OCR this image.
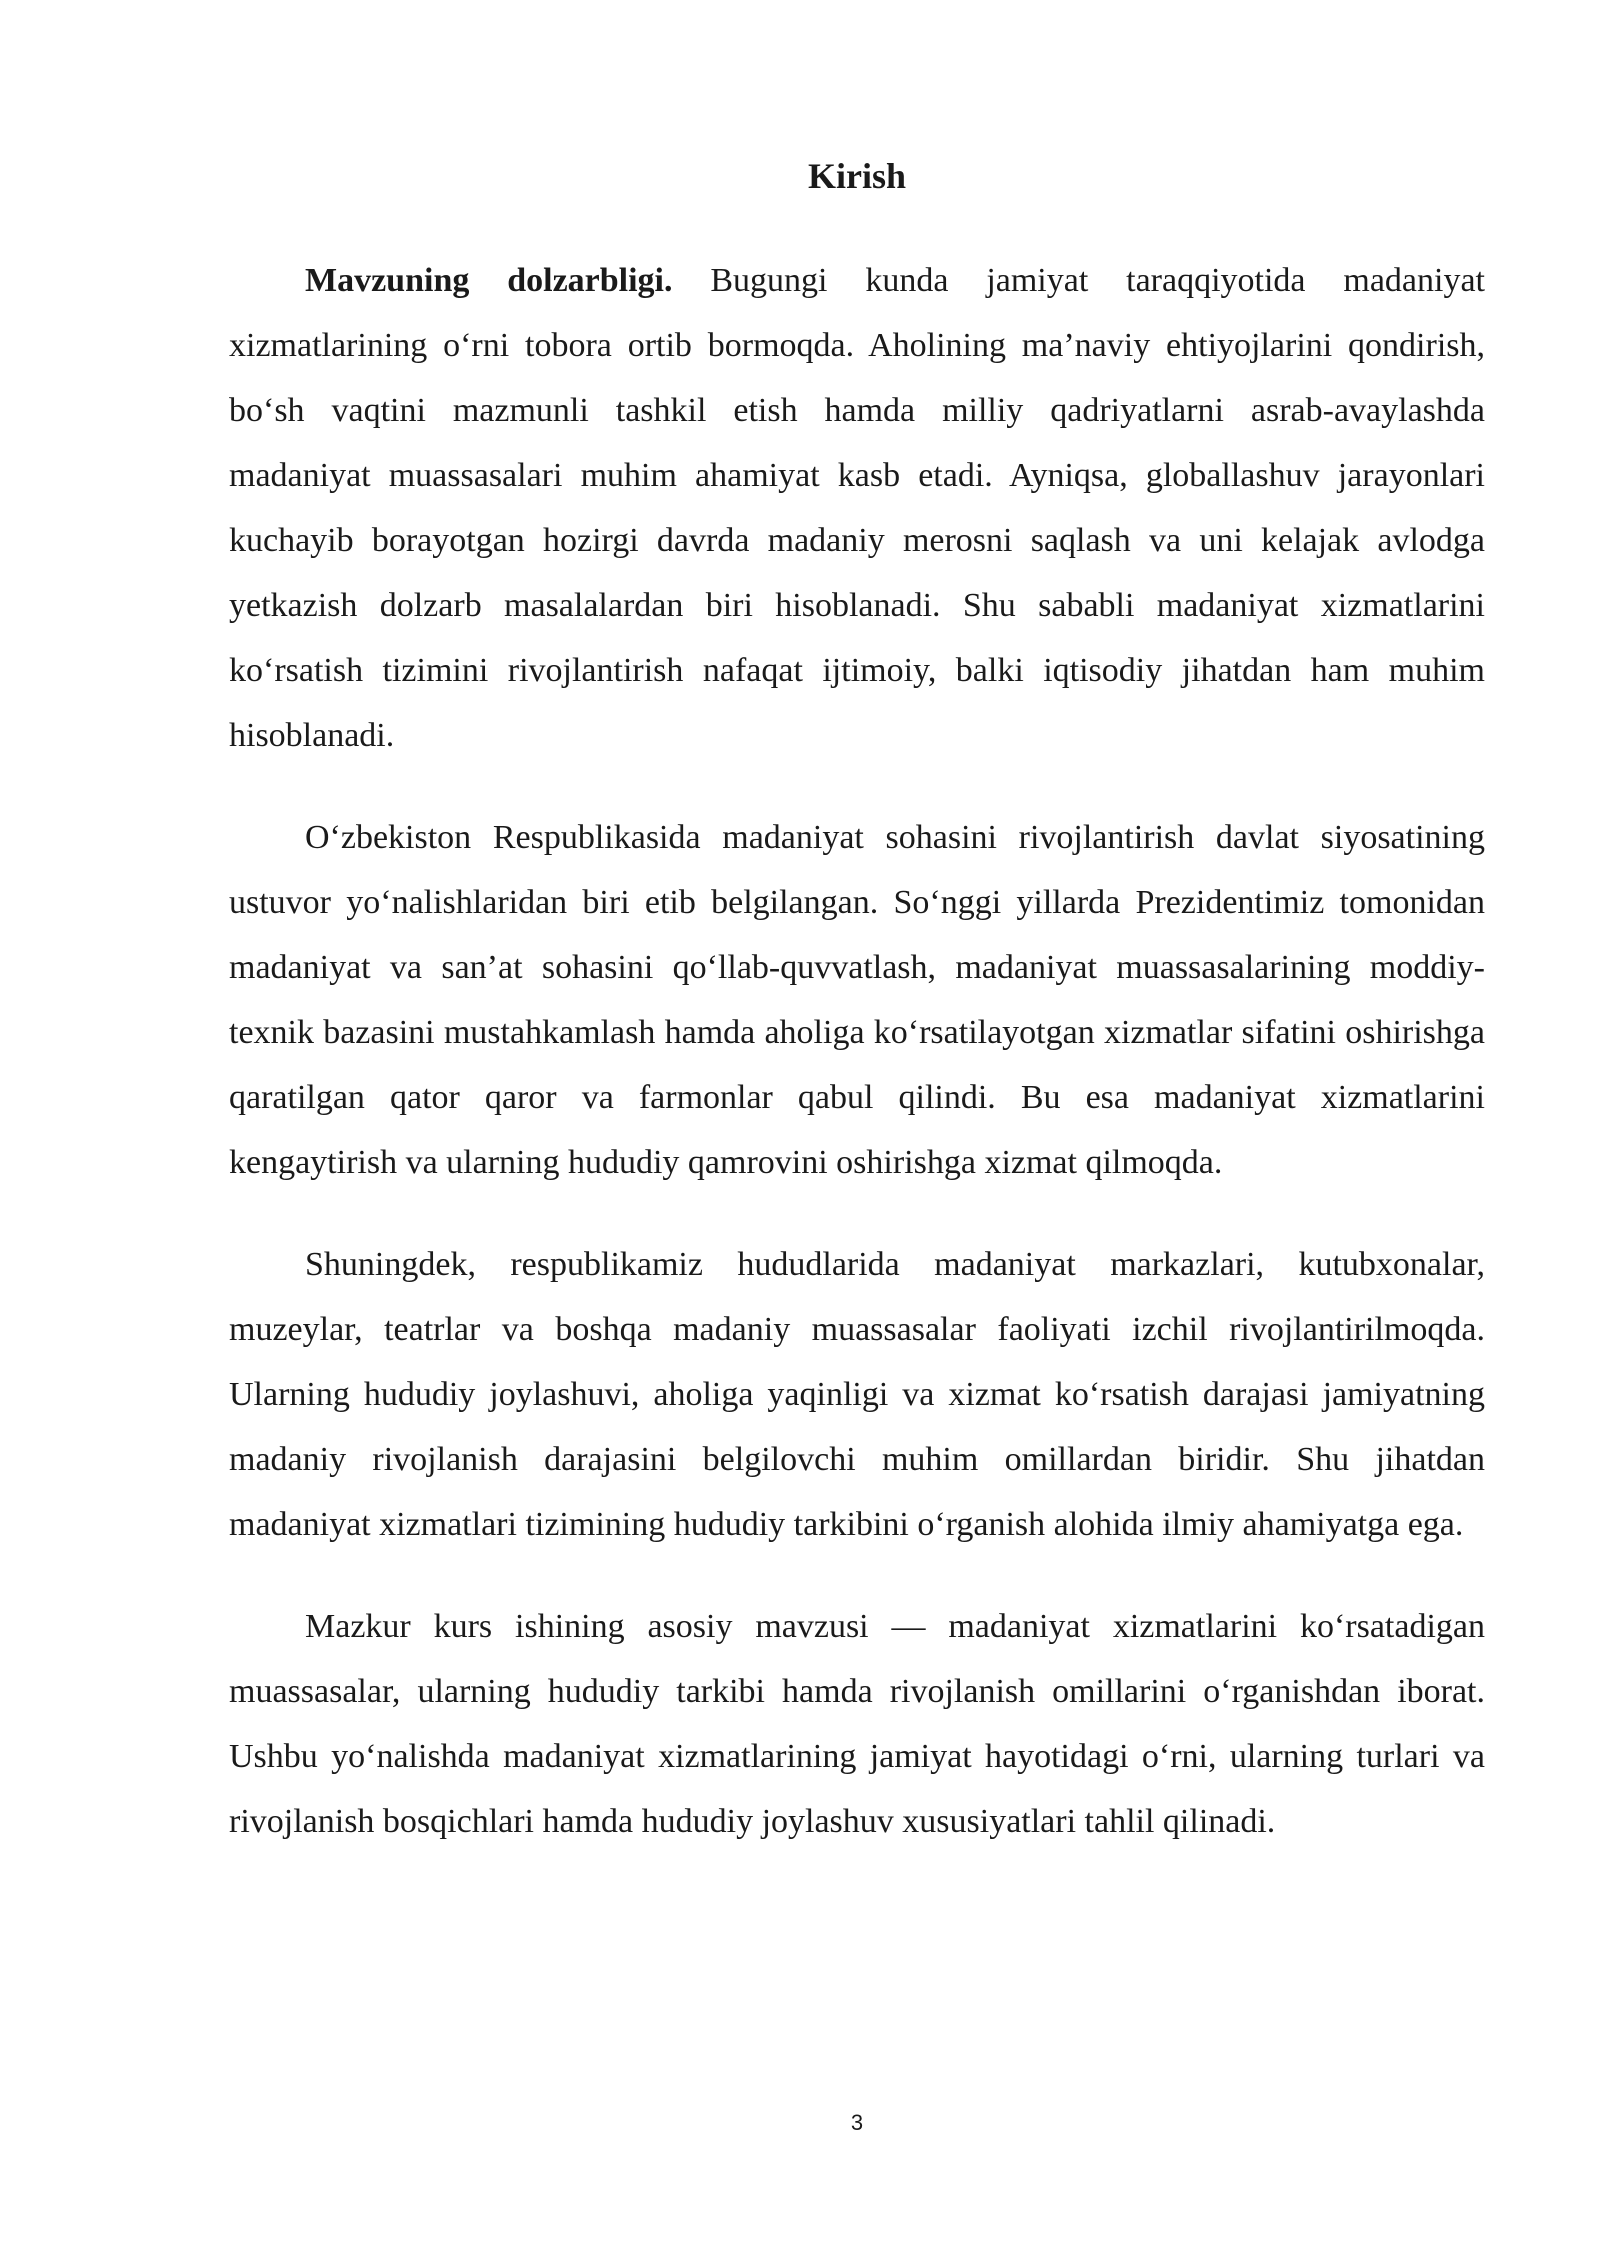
Kirish

Mavzuning dolzarbligi. Bugungi kunda jamiyat taraqqiyotida madaniyat xizmatlarining o‘rni tobora ortib bormoqda. Aholining ma’naviy ehtiyojlarini qondirish, bo‘sh vaqtini mazmunli tashkil etish hamda milliy qadriyatlarni asrab-avaylashda madaniyat muassasalari muhim ahamiyat kasb etadi. Ayniqsa, globallashuv jarayonlari kuchayib borayotgan hozirgi davrda madaniy merosni saqlash va uni kelajak avlodga yetkazish dolzarb masalalardan biri hisoblanadi. Shu sababli madaniyat xizmatlarini ko‘rsatish tizimini rivojlantirish nafaqat ijtimoiy, balki iqtisodiy jihatdan ham muhim hisoblanadi.

O‘zbekiston Respublikasida madaniyat sohasini rivojlantirish davlat siyosatining ustuvor yo‘nalishlaridan biri etib belgilangan. So‘nggi yillarda Prezidentimiz tomonidan madaniyat va san’at sohasini qo‘llab-quvvatlash, madaniyat muassasalarining moddiy-texnik bazasini mustahkamlash hamda aholiga ko‘rsatilayotgan xizmatlar sifatini oshirishga qaratilgan qator qaror va farmonlar qabul qilindi. Bu esa madaniyat xizmatlarini kengaytirish va ularning hududiy qamrovini oshirishga xizmat qilmoqda.

Shuningdek, respublikamiz hududlarida madaniyat markazlari, kutubxonalar, muzeylar, teatrlar va boshqa madaniy muassasalar faoliyati izchil rivojlantirilmoqda. Ularning hududiy joylashuvi, aholiga yaqinligi va xizmat ko‘rsatish darajasi jamiyatning madaniy rivojlanish darajasini belgilovchi muhim omillardan biridir. Shu jihatdan madaniyat xizmatlari tizimining hududiy tarkibini o‘rganish alohida ilmiy ahamiyatga ega.

Mazkur kurs ishining asosiy mavzusi — madaniyat xizmatlarini ko‘rsatadigan muassasalar, ularning hududiy tarkibi hamda rivojlanish omillarini o‘rganishdan iborat. Ushbu yo‘nalishda madaniyat xizmatlarining jamiyat hayotidagi o‘rni, ularning turlari va rivojlanish bosqichlari hamda hududiy joylashuv xususiyatlari tahlil qilinadi.

3
